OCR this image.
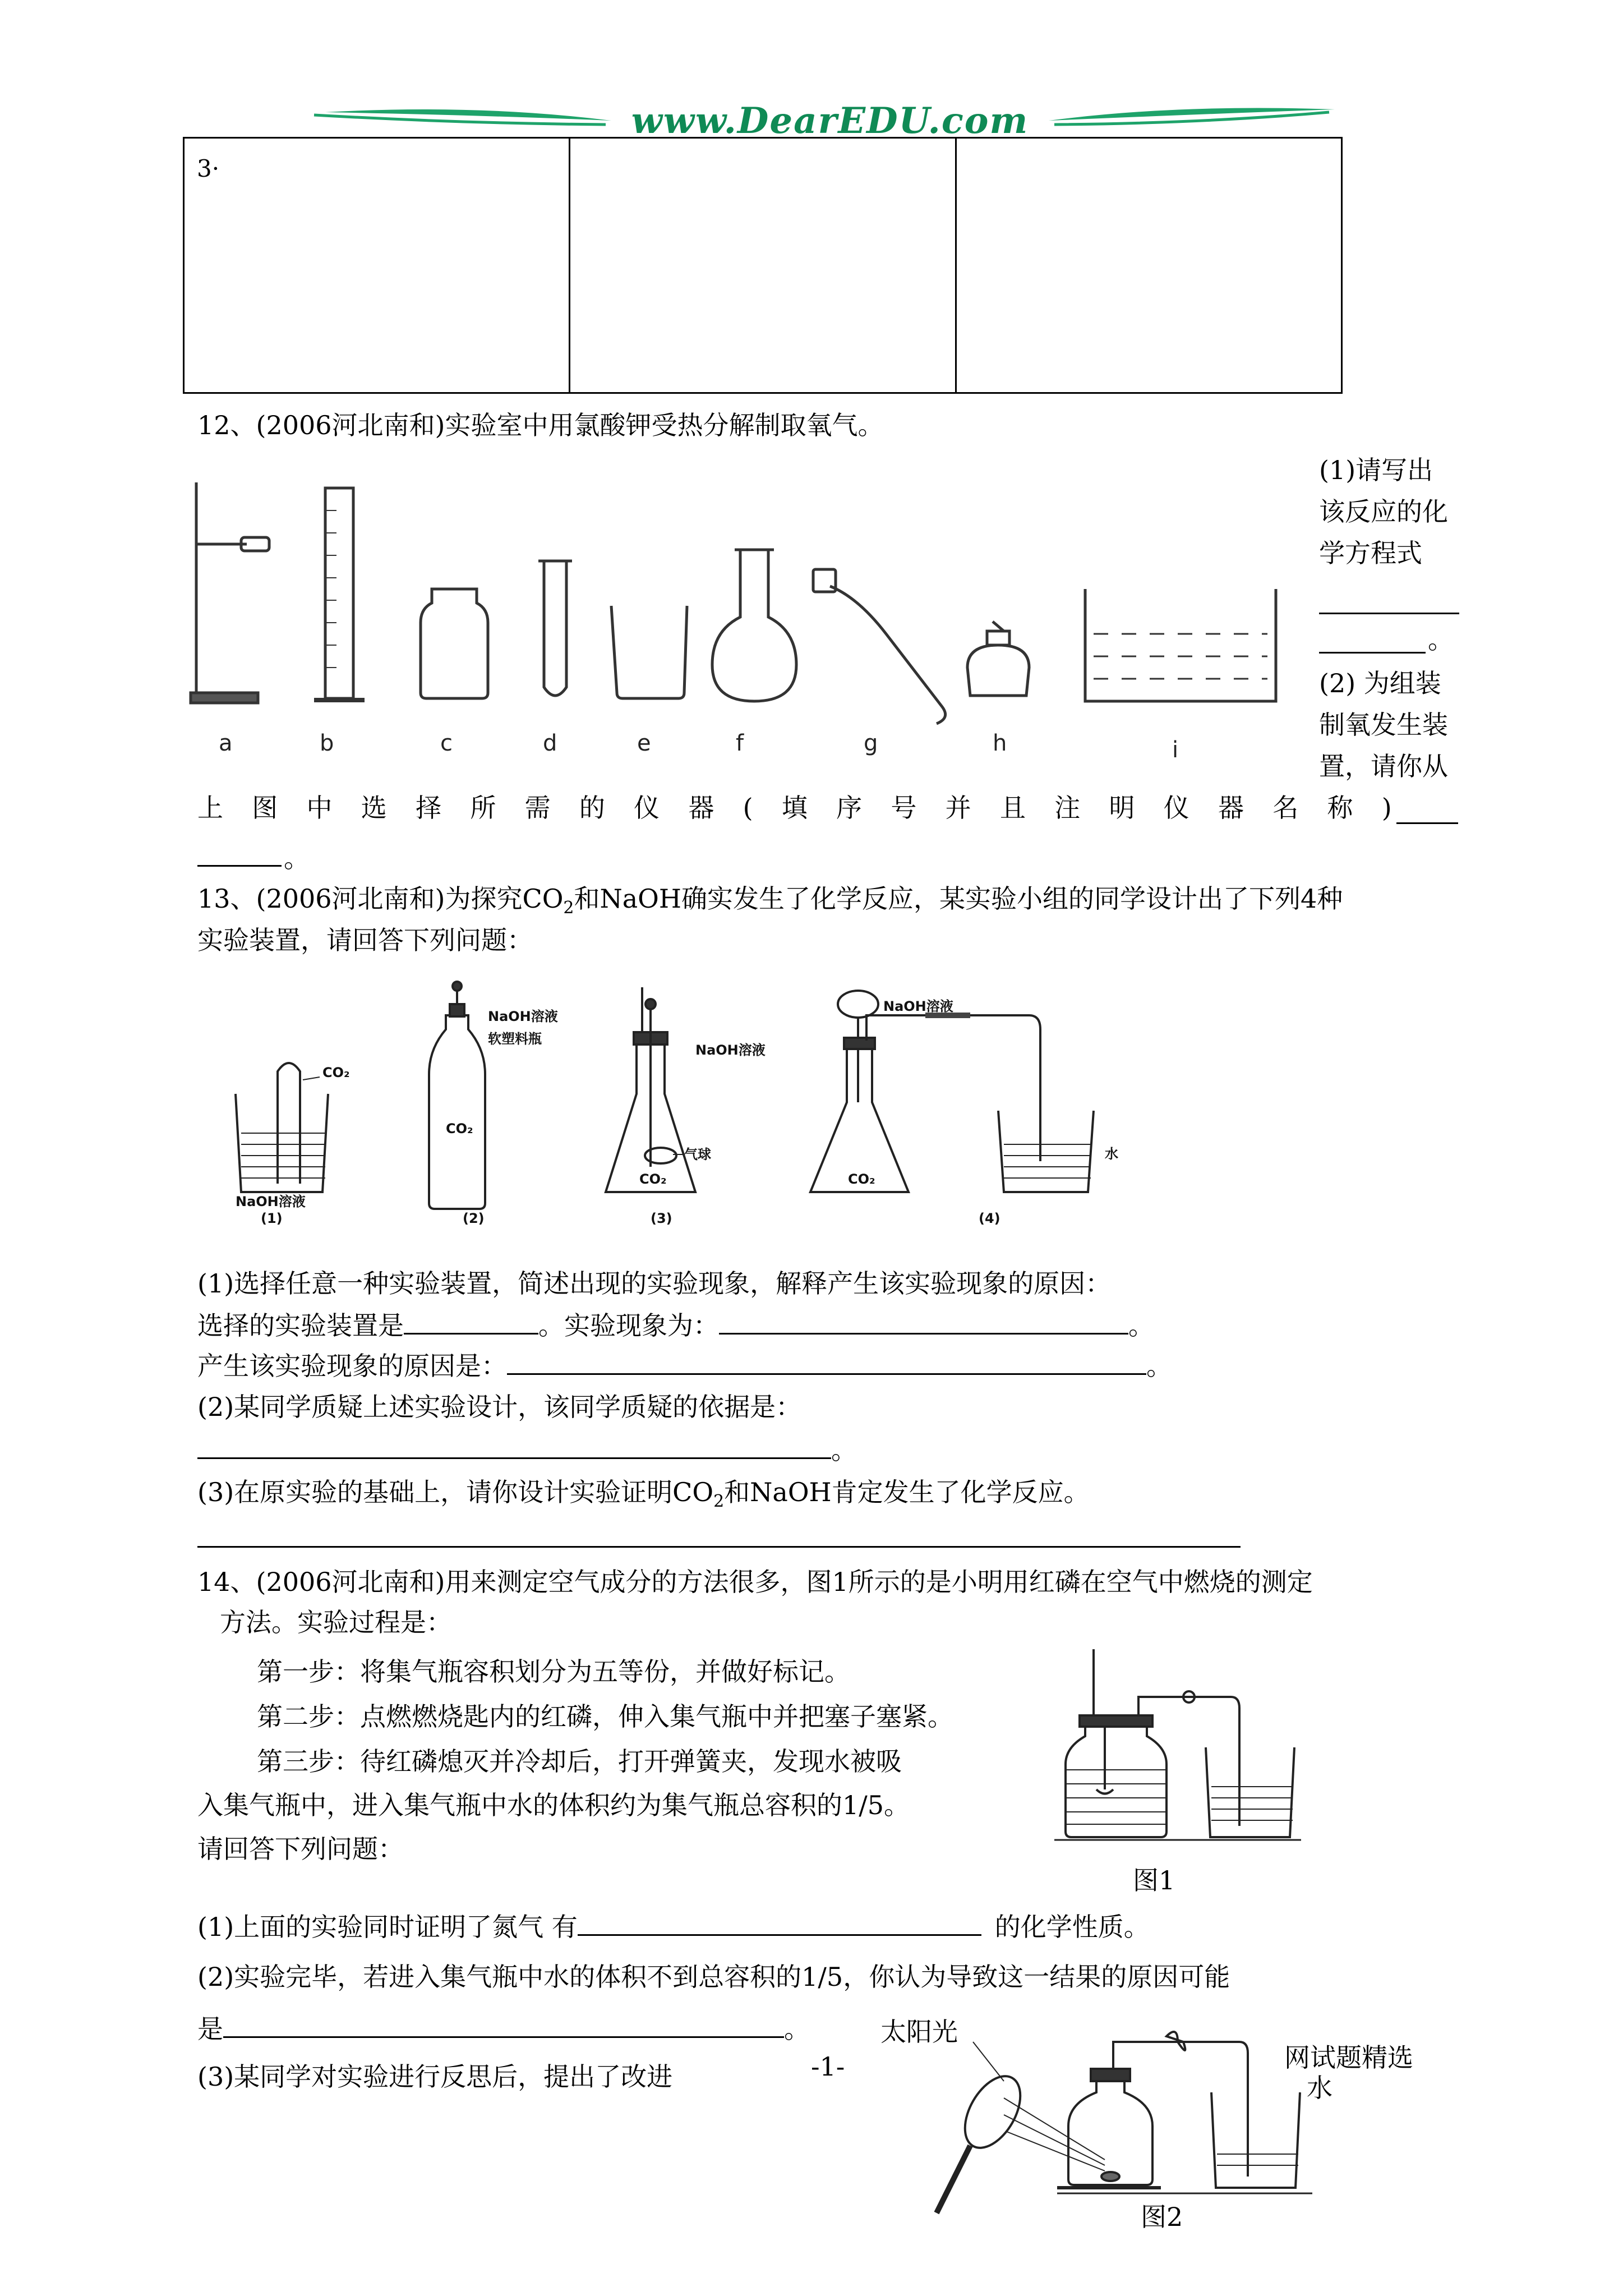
www.DearEDU.com
3·
12、(2006河北南和)实验室中用氯酸钾受热分解制取氧气。
a	b	c	d	e	f	g	h	i
(1)请写出
该反应的化
学方程式
。
(2) 为组装
制氧发生装
置，请你从
上 图 中 选 择 所 需 的 仪 器 ( 填 序 号 并 且 注 明 仪 器 名 称 )
。
13、(2006河北南和)为探究$CO_2$和NaOH确实发生了化学反应，某实验小组的同学设计出了下列4种
实验装置，请回答下列问题：
CO₂
NaOH溶液
(1)
NaOH溶液
软塑料瓶
CO₂
(2)
NaOH溶液
气球
CO₂
(3)
NaOH溶液
CO₂
水
(4)
(1)选择任意一种实验装置，简述出现的实验现象，解释产生该实验现象的原因：
选择的实验装置是	。实验现象为：	。
产生该实验现象的原因是：	。
(2)某同学质疑上述实验设计，该同学质疑的依据是：
。
(3)在原实验的基础上，请你设计实验证明$CO_2$和NaOH肯定发生了化学反应。
14、(2006河北南和)用来测定空气成分的方法很多，图1所示的是小明用红磷在空气中燃烧的测定
方法。实验过程是：
第一步：将集气瓶容积划分为五等份，并做好标记。
第二步：点燃燃烧匙内的红磷，伸入集气瓶中并把塞子塞紧。
第三步：待红磷熄灭并冷却后，打开弹簧夹，发现水被吸
入集气瓶中，进入集气瓶中水的体积约为集气瓶总容积的1/5。
请回答下列问题：
图1
(1)上面的实验同时证明了氮气 有	的化学性质。
(2)实验完毕，若进入集气瓶中水的体积不到总容积的1/5，你认为导致这一结果的原因可能
是	。
(3)某同学对实验进行反思后，提出了改进
太阳光
网试题精选
水
图2
-1-
